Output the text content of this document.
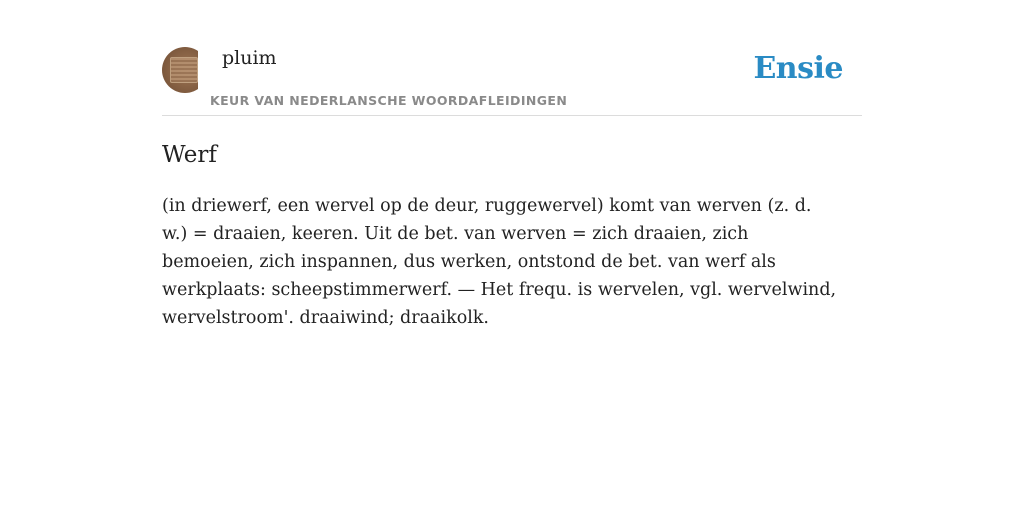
pluim
KEUR VAN NEDERLANSCHE WOORDAFLEIDINGEN
Ensie
Werf

(in driewerf, een wervel op de deur, ruggewervel) komt van werven (z. d. w.) = draaien, keeren. Uit de bet. van werven = zich draaien, zich bemoeien, zich inspannen, dus werken, ontstond de bet. van werf als werkplaats: scheepstimmerwerf. — Het frequ. is wervelen, vgl. wervelwind, wervelstroom'. draaiwind; draaikolk.
